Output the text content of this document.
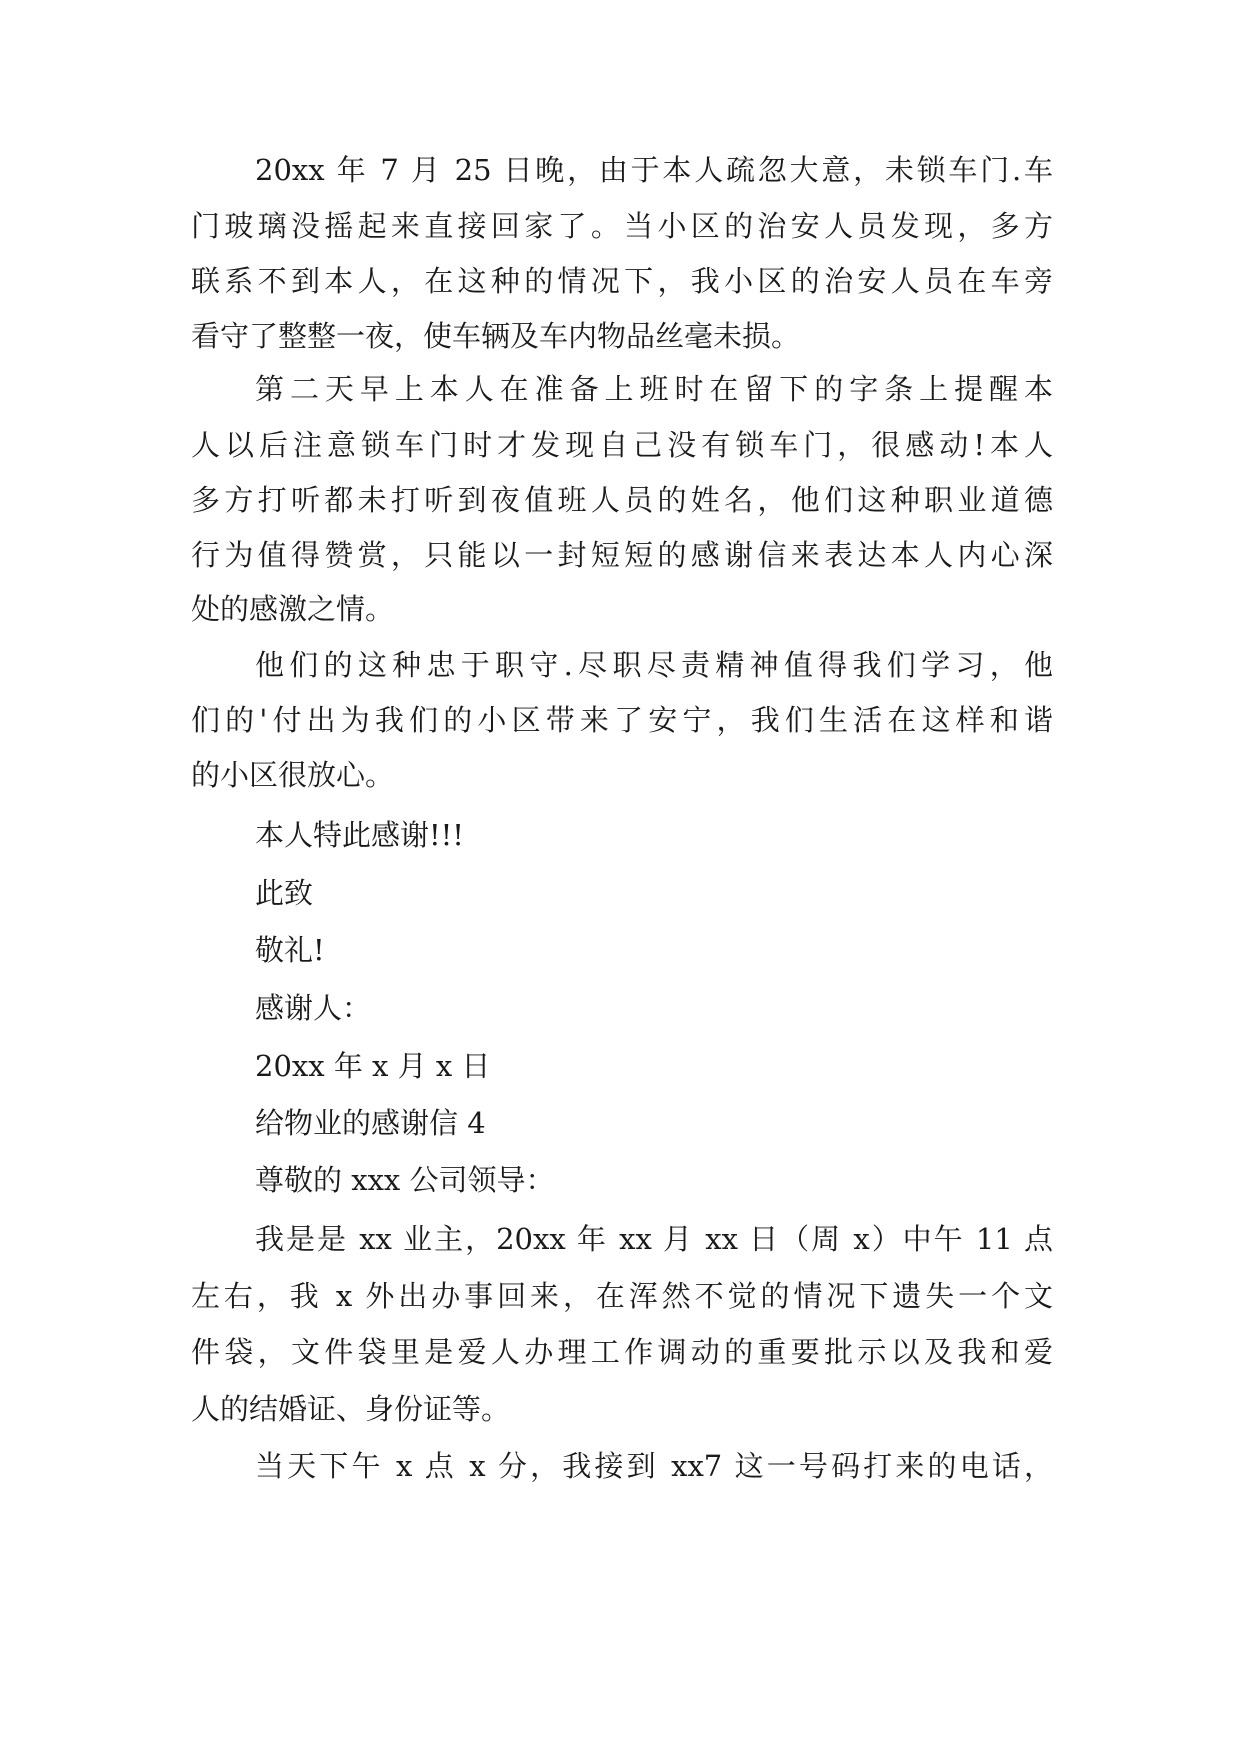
20xx 年 7 月 25 日晚，由于本人疏忽大意，未锁车门.车
门玻璃没摇起来直接回家了。当小区的治安人员发现，多方
联系不到本人，在这种的情况下，我小区的治安人员在车旁
看守了整整一夜，使车辆及车内物品丝毫未损。
第二天早上本人在准备上班时在留下的字条上提醒本
人以后注意锁车门时才发现自己没有锁车门，很感动!本人
多方打听都未打听到夜值班人员的姓名，他们这种职业道德
行为值得赞赏，只能以一封短短的感谢信来表达本人内心深
处的感激之情。
他们的这种忠于职守.尽职尽责精神值得我们学习，他
们的'付出为我们的小区带来了安宁，我们生活在这样和谐
的小区很放心。
本人特此感谢!!!
此致
敬礼!
感谢人：
20xx 年 x 月 x 日
给物业的感谢信 4
尊敬的 xxx 公司领导：
我是是 xx 业主，20xx 年 xx 月 xx 日（周 x）中午 11 点
左右，我 x 外出办事回来，在浑然不觉的情况下遗失一个文
件袋，文件袋里是爱人办理工作调动的重要批示以及我和爱
人的结婚证、身份证等。
当天下午 x 点 x 分，我接到 xx7 这一号码打来的电话，
